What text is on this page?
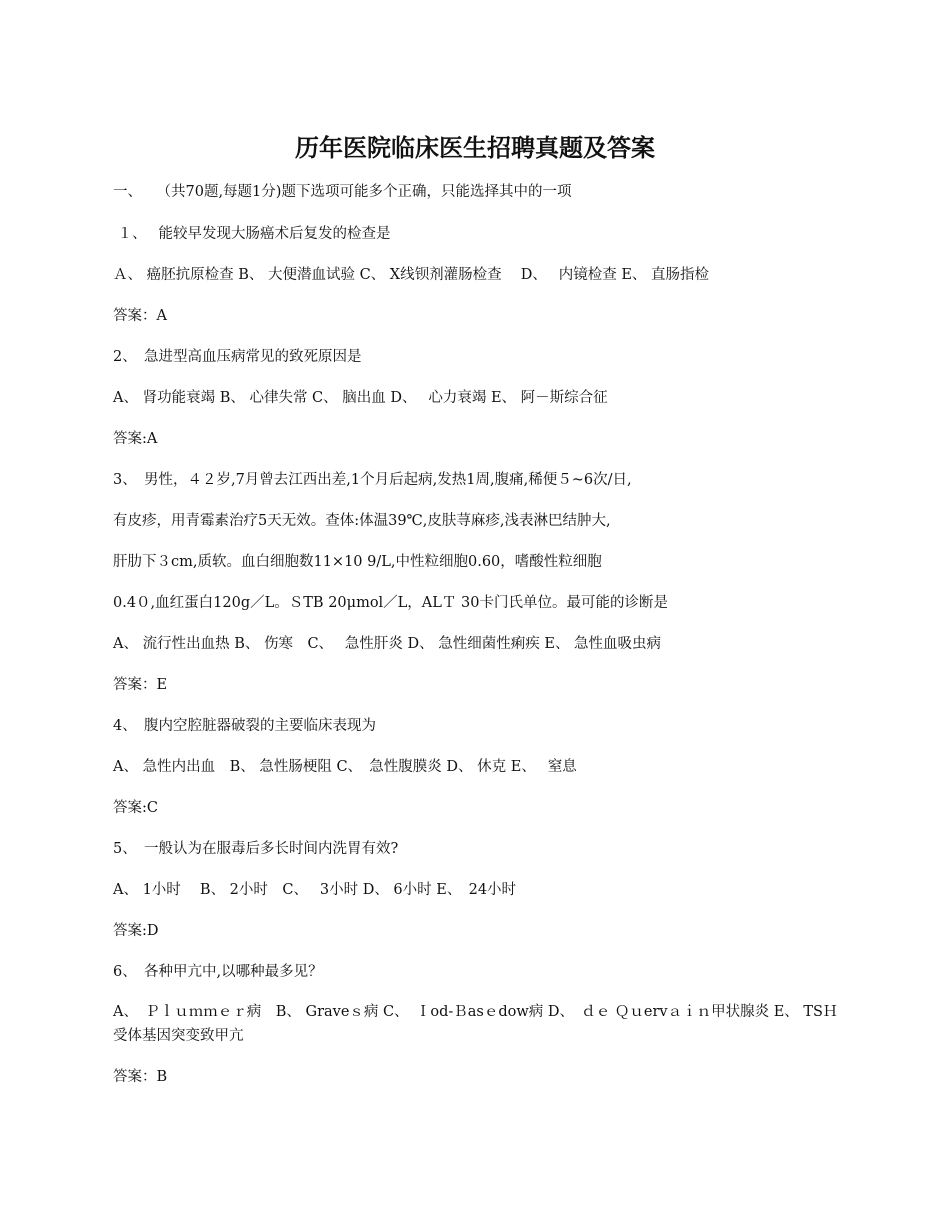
历年医院临床医生招聘真题及答案
一、　　（共70题,每题1分)题下选项可能多个正确，只能选择其中的一项
１、　 能较早发现大肠癌术后复发的检查是
Ａ、 癌胚抗原检查 B、 大便潜血试验 C、 X线钡剂灌肠检查　 D、　 内镜检查 E、 直肠指检
答案：A
2、　急进型高血压病常见的致死原因是
A、 肾功能衰竭 B、 心律失常 C、 脑出血 D、　 心力衰竭 E、 阿－斯综合征
答案:A
3、　男性，４２岁,7月曾去江西出差,1个月后起病,发热1周,腹痛,稀便５~6次/日,
有皮疹，用青霉素治疗5天无效。查体:体温39℃,皮肤荨麻疹,浅表淋巴结肿大,
肝肋下３cm,质软。血白细胞数11×10 9/L,中性粒细胞0.60，嗜酸性粒细胞
0.4０,血红蛋白120g／L。ＳTB 20μmol／L，ALＴ 30卡门氏单位。最可能的诊断是
A、 流行性出血热 B、 伤寒　C、　 急性肝炎 D、 急性细菌性痢疾 E、 急性血吸虫病
答案：E
4、　腹内空腔脏器破裂的主要临床表现为
A、 急性内出血　B、 急性肠梗阻 C、　急性腹膜炎 D、 休克 E、　 窒息
答案:C
5、　一般认为在服毒后多长时间内洗胃有效?
A、 1小时　 B、 2小时　C、　 3小时 D、 6小时 E、　24小时
答案:D
6、　各种甲亢中,以哪种最多见？
A、　Ｐｌｕｍｍｅｒ病　B、 Graveｓ病 C、　Ｉod-Ｂasｅdow病 D、　ｄｅ Ｑｕervａｉｎ甲状腺炎 E、 TSＨ受体基因突变致甲亢
答案：B
